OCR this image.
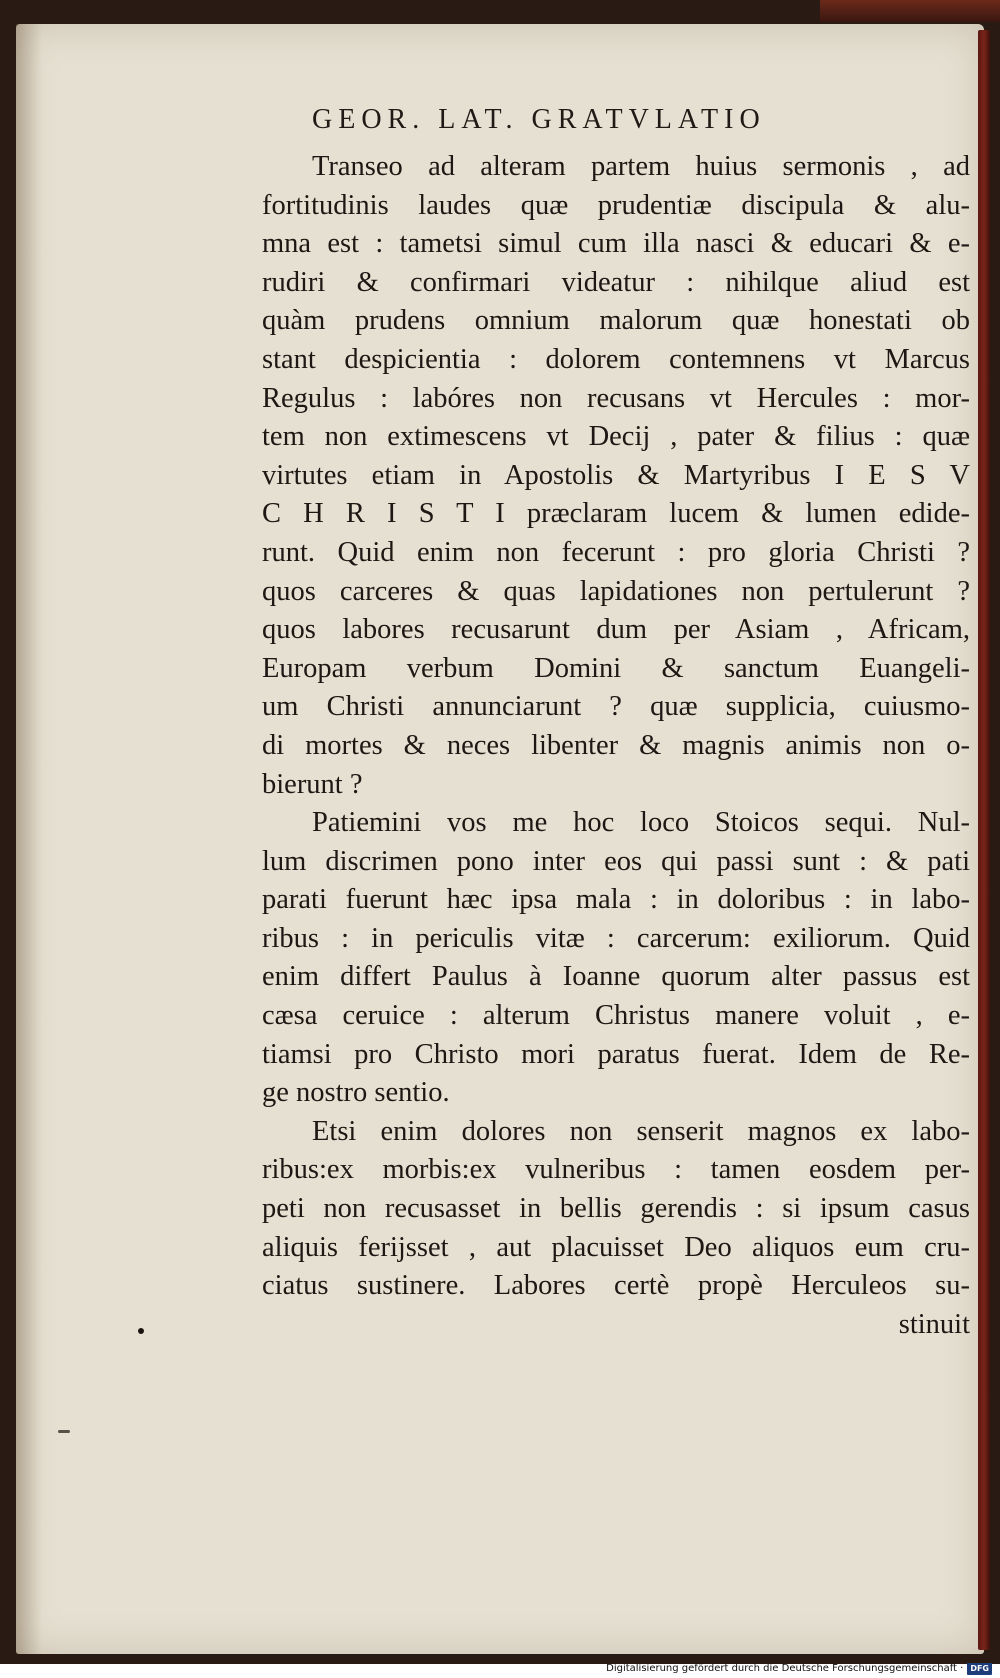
GEOR. LAT. GRATVLATIO
Transeo ad alteram partem huius sermonis , ad
fortitudinis laudes quæ prudentiæ discipula & alu-
mna est : tametsi simul cum illa nasci & educari & e-
rudiri & confirmari videatur : nihilque aliud est
quàm prudens omnium malorum quæ honestati ob
stant despicientia : dolorem contemnens vt Marcus
Regulus : labóres non recusans vt Hercules : mor-
tem non extimescens vt Decij , pater & filius : quæ
virtutes etiam in Apostolis & Martyribus I E S V
C H R I S T I præclaram lucem & lumen edide-
runt. Quid enim non fecerunt : pro gloria Christi ?
quos carceres & quas lapidationes non pertulerunt ?
quos labores recusarunt dum per Asiam , Africam,
Europam verbum Domini & sanctum Euangeli-
um Christi annunciarunt ? quæ supplicia, cuiusmo-
di mortes & neces libenter & magnis animis non o-
bierunt ?
Patiemini vos me hoc loco Stoicos sequi. Nul-
lum discrimen pono inter eos qui passi sunt : & pati
parati fuerunt hæc ipsa mala : in doloribus : in labo-
ribus : in periculis vitæ : carcerum: exiliorum. Quid
enim differt Paulus à Ioanne quorum alter passus est
cæsa ceruice : alterum Christus manere voluit , e-
tiamsi pro Christo mori paratus fuerat. Idem de Re-
ge nostro sentio.
Etsi enim dolores non senserit magnos ex labo-
ribus:ex morbis:ex vulneribus : tamen eosdem per-
peti non recusasset in bellis gerendis : si ipsum casus
aliquis ferijsset , aut placuisset Deo aliquos eum cru-
ciatus sustinere. Labores certè propè Herculeos su-
stinuit
Digitalisierung gefördert durch die Deutsche Forschungsgemeinschaft · DFG
